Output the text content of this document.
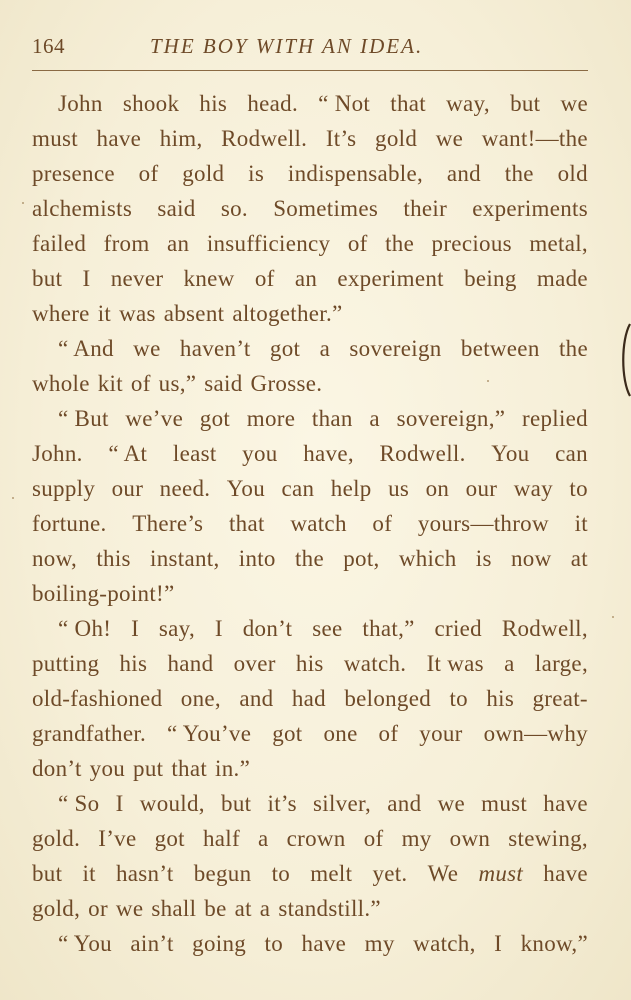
164	THE BOY WITH AN IDEA.
John shook his head. “ Not that way, but we
must have him, Rodwell. It’s gold we want!—the
presence of gold is indispensable, and the old
alchemists said so. Sometimes their experiments
failed from an insufficiency of the precious metal,
but I never knew of an experiment being made
where it was absent altogether.”
“ And we haven’t got a sovereign between the
whole kit of us,” said Grosse.
“ But we’ve got more than a sovereign,” replied
John. “ At least you have, Rodwell. You can
supply our need. You can help us on our way to
fortune. There’s that watch of yours—throw it
now, this instant, into the pot, which is now at
boiling-point!”
“ Oh! I say, I don’t see that,” cried Rodwell,
putting his hand over his watch. It was a large,
old-fashioned one, and had belonged to his great-
grandfather. “ You’ve got one of your own—why
don’t you put that in.”
“ So I would, but it’s silver, and we must have
gold. I’ve got half a crown of my own stewing,
but it hasn’t begun to melt yet. We must have
gold, or we shall be at a standstill.”
“ You ain’t going to have my watch, I know,”
